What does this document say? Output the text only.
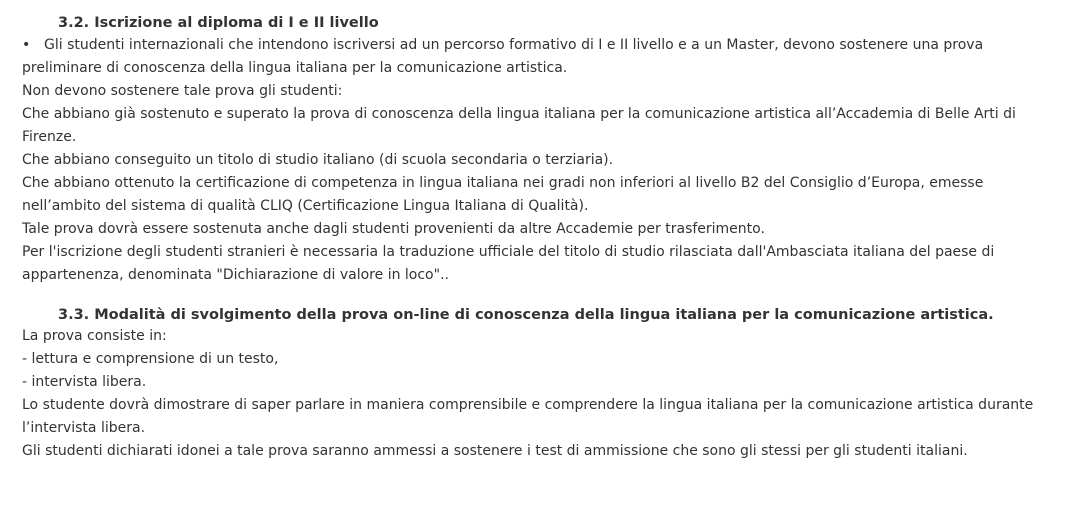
3.2. Iscrizione al diploma di I e II livello

• Gli studenti internazionali che intendono iscriversi ad un percorso formativo di I e II livello e a un Master, devono sostenere una prova preliminare di conoscenza della lingua italiana per la comunicazione artistica.

Non devono sostenere tale prova gli studenti:

Che abbiano già sostenuto e superato la prova di conoscenza della lingua italiana per la comunicazione artistica all’Accademia di Belle Arti di Firenze.

Che abbiano conseguito un titolo di studio italiano (di scuola secondaria o terziaria).

Che abbiano ottenuto la certificazione di competenza in lingua italiana nei gradi non inferiori al livello B2 del Consiglio d’Europa, emesse nell’ambito del sistema di qualità CLIQ (Certificazione Lingua Italiana di Qualità).

Tale prova dovrà essere sostenuta anche dagli studenti provenienti da altre Accademie per trasferimento.

Per l'iscrizione degli studenti stranieri è necessaria la traduzione ufficiale del titolo di studio rilasciata dall'Ambasciata italiana del paese di appartenenza, denominata "Dichiarazione di valore in loco"..

3.3. Modalità di svolgimento della prova on-line di conoscenza della lingua italiana per la comunicazione artistica.

La prova consiste in:

- lettura e comprensione di un testo,

- intervista libera.

Lo studente dovrà dimostrare di saper parlare in maniera comprensibile e comprendere la lingua italiana per la comunicazione artistica durante l’intervista libera.

Gli studenti dichiarati idonei a tale prova saranno ammessi a sostenere i test di ammissione che sono gli stessi per gli studenti italiani.
